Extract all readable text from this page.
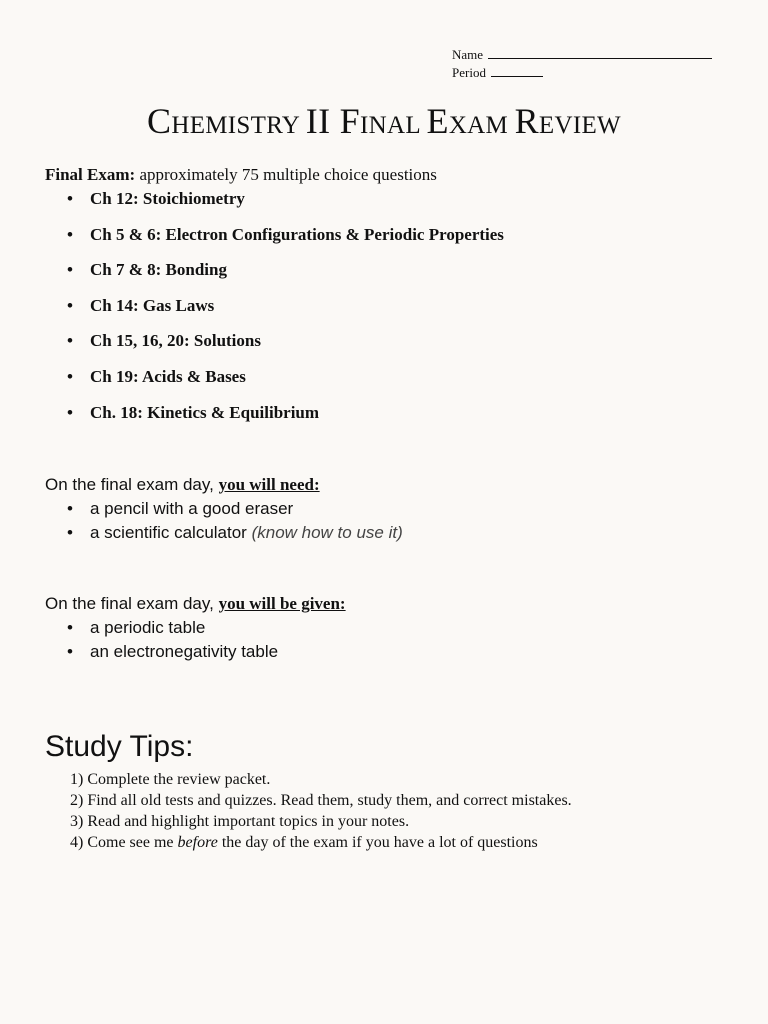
Name
Period
CHEMISTRY II FINAL EXAM REVIEW
Final Exam: approximately 75 multiple choice questions
• Ch 12: Stoichiometry
• Ch 5 & 6: Electron Configurations & Periodic Properties
• Ch 7 & 8: Bonding
• Ch 14: Gas Laws
• Ch 15, 16, 20: Solutions
• Ch 19: Acids & Bases
• Ch. 18: Kinetics & Equilibrium
On the final exam day, you will need:
• a pencil with a good eraser
• a scientific calculator (know how to use it)
On the final exam day, you will be given:
• a periodic table
• an electronegativity table
Study Tips:
1) Complete the review packet.
2) Find all old tests and quizzes. Read them, study them, and correct mistakes.
3) Read and highlight important topics in your notes.
4) Come see me before the day of the exam if you have a lot of questions
